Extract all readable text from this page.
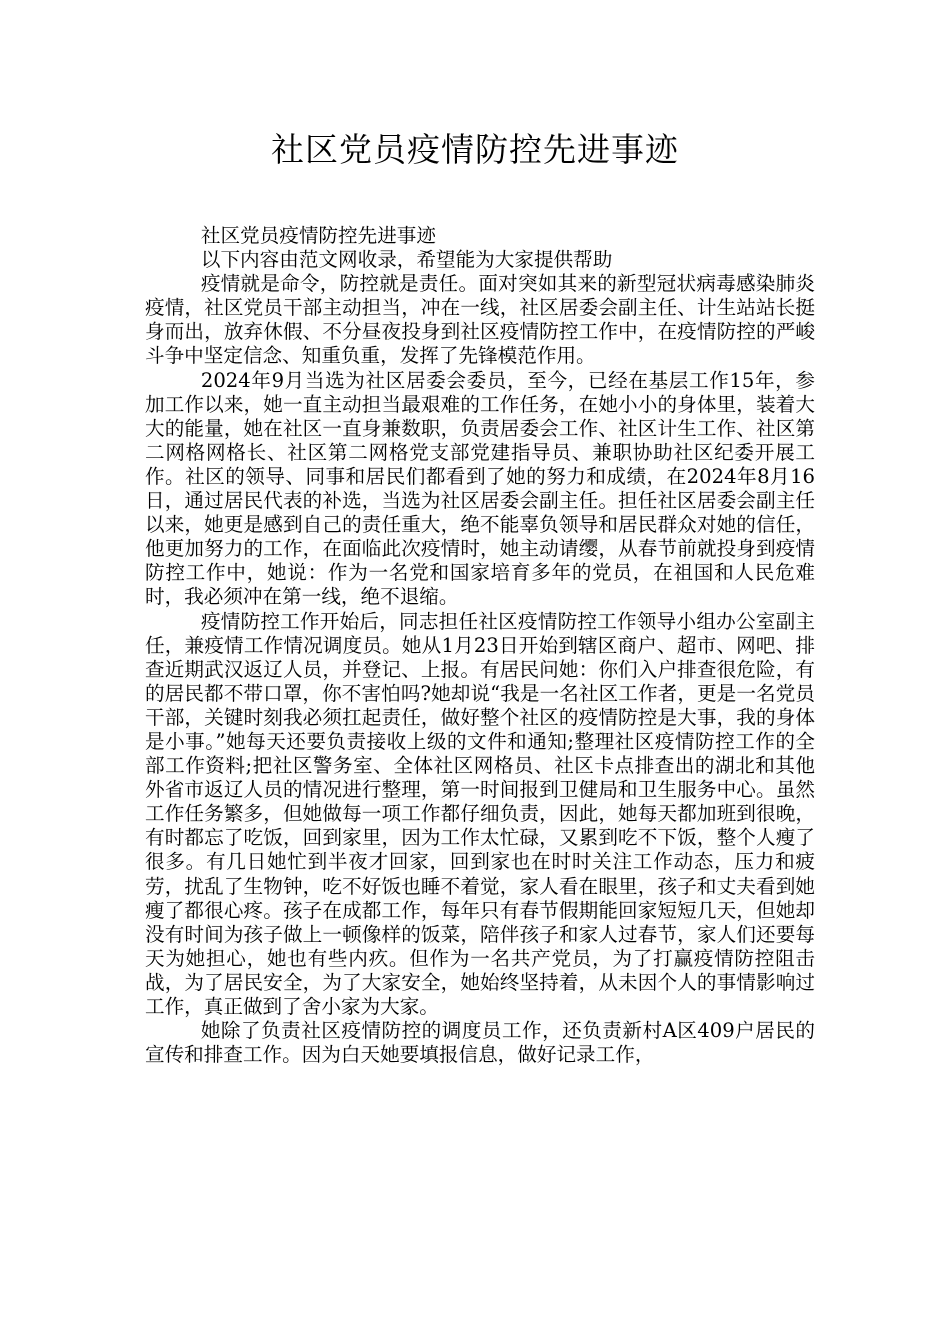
社区党员疫情防控先进事迹

社区党员疫情防控先进事迹

以下内容由范文网收录，希望能为大家提供帮助

疫情就是命令，防控就是责任。面对突如其来的新型冠状病毒感染肺炎疫情，社区党员干部主动担当，冲在一线，社区居委会副主任、计生站站长挺身而出，放弃休假、不分昼夜投身到社区疫情防控工作中，在疫情防控的严峻斗争中坚定信念、知重负重，发挥了先锋模范作用。

2024年9月当选为社区居委会委员，至今，已经在基层工作15年，参加工作以来，她一直主动担当最艰难的工作任务，在她小小的身体里，装着大大的能量，她在社区一直身兼数职，负责居委会工作、社区计生工作、社区第二网格网格长、社区第二网格党支部党建指导员、兼职协助社区纪委开展工作。社区的领导、同事和居民们都看到了她的努力和成绩，在2024年8月16日，通过居民代表的补选，当选为社区居委会副主任。担任社区居委会副主任以来，她更是感到自己的责任重大，绝不能辜负领导和居民群众对她的信任，他更加努力的工作，在面临此次疫情时，她主动请缨，从春节前就投身到疫情防控工作中，她说：作为一名党和国家培育多年的党员，在祖国和人民危难时，我必须冲在第一线，绝不退缩。

疫情防控工作开始后，同志担任社区疫情防控工作领导小组办公室副主任，兼疫情工作情况调度员。她从1月23日开始到辖区商户、超市、网吧、排查近期武汉返辽人员，并登记、上报。有居民问她：你们入户排查很危险，有的居民都不带口罩，你不害怕吗?她却说“我是一名社区工作者，更是一名党员干部，关键时刻我必须扛起责任，做好整个社区的疫情防控是大事，我的身体是小事。”她每天还要负责接收上级的文件和通知;整理社区疫情防控工作的全部工作资料;把社区警务室、全体社区网格员、社区卡点排查出的湖北和其他外省市返辽人员的情况进行整理，第一时间报到卫健局和卫生服务中心。虽然工作任务繁多，但她做每一项工作都仔细负责，因此，她每天都加班到很晚，有时都忘了吃饭，回到家里，因为工作太忙碌，又累到吃不下饭，整个人瘦了很多。有几日她忙到半夜才回家，回到家也在时时关注工作动态，压力和疲劳，扰乱了生物钟，吃不好饭也睡不着觉，家人看在眼里，孩子和丈夫看到她瘦了都很心疼。孩子在成都工作，每年只有春节假期能回家短短几天，但她却没有时间为孩子做上一顿像样的饭菜，陪伴孩子和家人过春节，家人们还要每天为她担心，她也有些内疚。但作为一名共产党员，为了打赢疫情防控阻击战，为了居民安全，为了大家安全，她始终坚持着，从未因个人的事情影响过工作，真正做到了舍小家为大家。

她除了负责社区疫情防控的调度员工作，还负责新村A区409户居民的宣传和排查工作。因为白天她要填报信息，做好记录工作，
